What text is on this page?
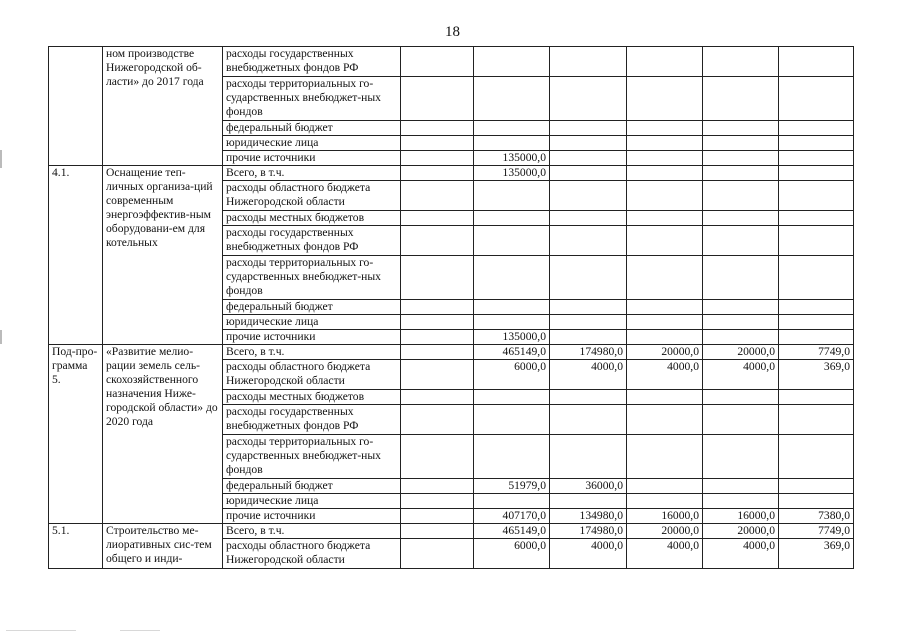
18
	ном производстве Нижегородской об-ласти» до 2017 года	расходы государственных внебюджетных фондов РФ						
		расходы территориальных го-сударственных внебюджет-ных фондов						
		федеральный бюджет						
		юридические лица						
		прочие источники		135000,0				
4.1.	Оснащение теп-личных организа-ций современным энергоэффектив-ным оборудовани-ем для котельных	Всего, в т.ч.		135000,0				
		расходы областного бюджета Нижегородской области						
		расходы местных бюджетов						
		расходы государственных внебюджетных фондов РФ						
		расходы территориальных го-сударственных внебюджет-ных фондов						
		федеральный бюджет						
		юридические лица						
		прочие источники		135000,0				
Под-про-грамма 5.	«Развитие мелио-рации земель сель-скохозяйственного назначения Ниже-городской области» до 2020 года	Всего, в т.ч.		465149,0	174980,0	20000,0	20000,0	7749,0
		расходы областного бюджета Нижегородской области		6000,0	4000,0	4000,0	4000,0	369,0
		расходы местных бюджетов						
		расходы государственных внебюджетных фондов РФ						
		расходы территориальных го-сударственных внебюджет-ных фондов						
		федеральный бюджет		51979,0	36000,0			
		юридические лица						
		прочие источники		407170,0	134980,0	16000,0	16000,0	7380,0
5.1.	Строительство ме-лиоративных сис-тем общего и инди-	Всего, в т.ч.		465149,0	174980,0	20000,0	20000,0	7749,0
		расходы областного бюджета Нижегородской области		6000,0	4000,0	4000,0	4000,0	369,0
